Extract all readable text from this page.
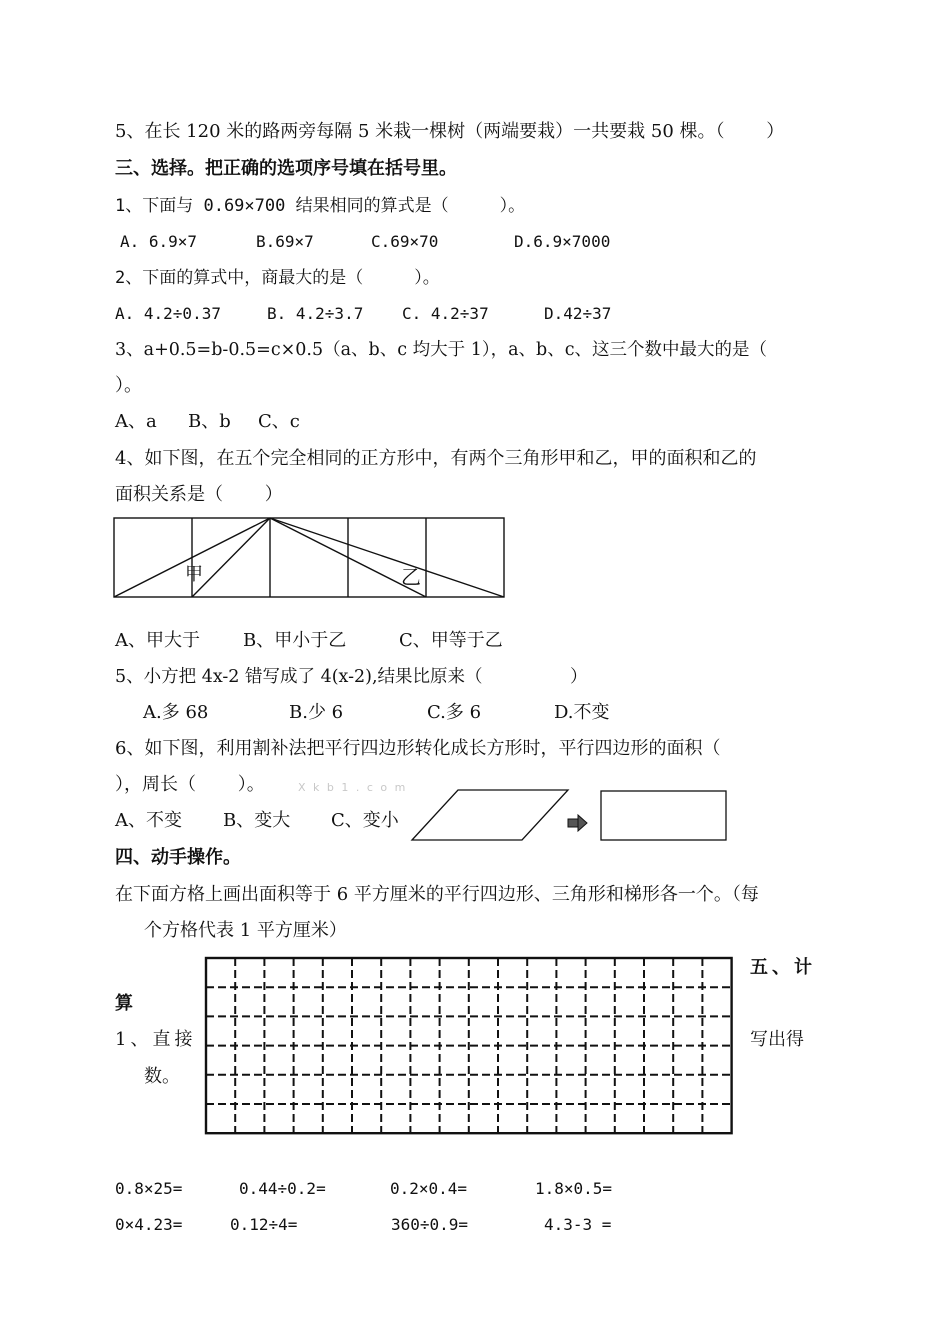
5、在长 120 米的路两旁每隔 5 米栽一棵树（两端要栽）一共要栽 50 棵。（　　 ）
三、选择。把正确的选项序号填在括号里。
1、下面与 0.69×700 结果相同的算式是（　　　）。
A. 6.9×7	B.69×7	C.69×70	D.6.9×7000
2、下面的算式中，商最大的是（　　　）。
A. 4.2÷0.37	B. 4.2÷3.7 C. 4.2÷37	D.42÷37
3、a+0.5=b-0.5=c×0.5（a、b、c 均大于 1），a、b、c、这三个数中最大的是（
）。
A、a B、b C、c
4、如下图，在五个完全相同的正方形中，有两个三角形甲和乙，甲的面积和乙的
面积关系是（　　 ）
甲	乙
A、甲大于 B、甲小于乙	C、甲等于乙
5、小方把 4x-2 错写成了 4(x-2),结果比原来（　　　　　）
A.多 68	B.少 6	C.多 6	D.不变
6、如下图，利用割补法把平行四边形转化成长方形时，平行四边形的面积（
），周长（　　 ）。	X k b 1 . c o m
A、不变 B、变大 C、变小
四、动手操作。
在下面方格上画出面积等于 6 平方厘米的平行四边形、三角形和梯形各一个。（每
个方格代表 1 平方厘米）
五、计
算
1、直接	写出得
数。
0.8×25=	0.44÷0.2=	0.2×0.4=	1.8×0.5=
0×4.23=	0.12÷4=	360÷0.9=	4.3-3 =
